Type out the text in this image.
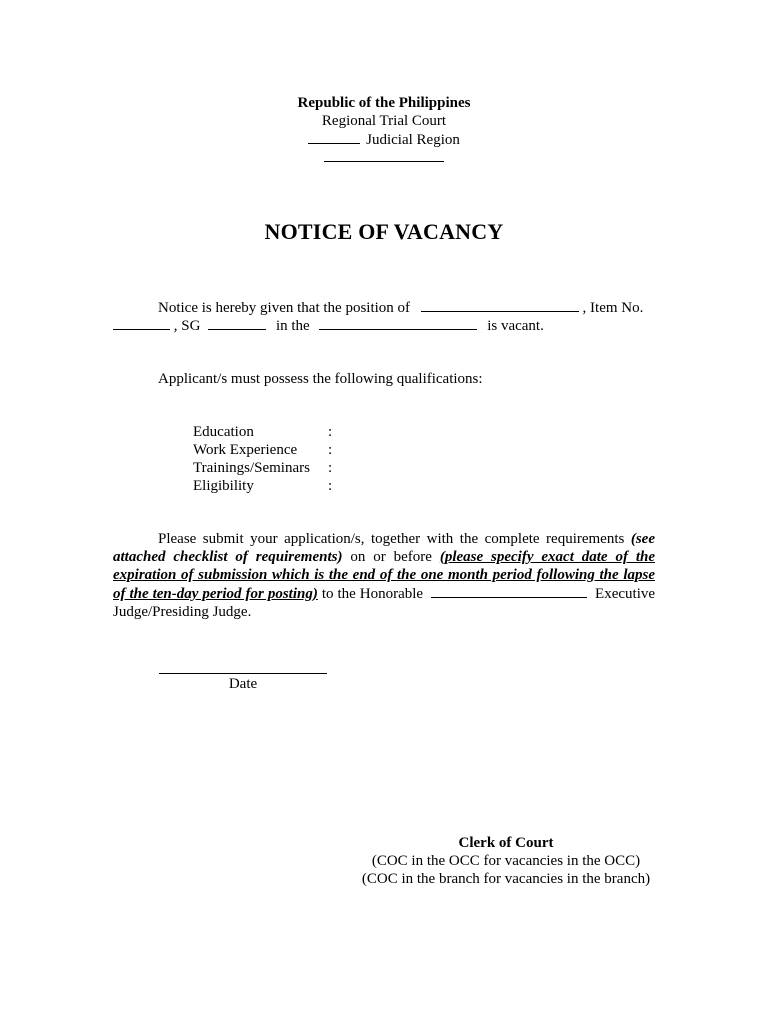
Republic of the Philippines
Regional Trial Court
Judicial Region
NOTICE OF VACANCY
Notice is hereby given that the position of	, Item No.
, SG	in the	is vacant.
Applicant/s must possess the following qualifications:
Education	:
Work Experience :
Trainings/Seminars :
Eligibility	:
Please submit your application/s, together with the complete requirements (see attached checklist of requirements) on or before (please specify exact date of the expiration of submission which is the end of the one month period following the lapse of the ten-day period for posting) to the Honorable	Executive Judge/Presiding Judge.
Date
Clerk of Court
(COC in the OCC for vacancies in the OCC)
(COC in the branch for vacancies in the branch)
